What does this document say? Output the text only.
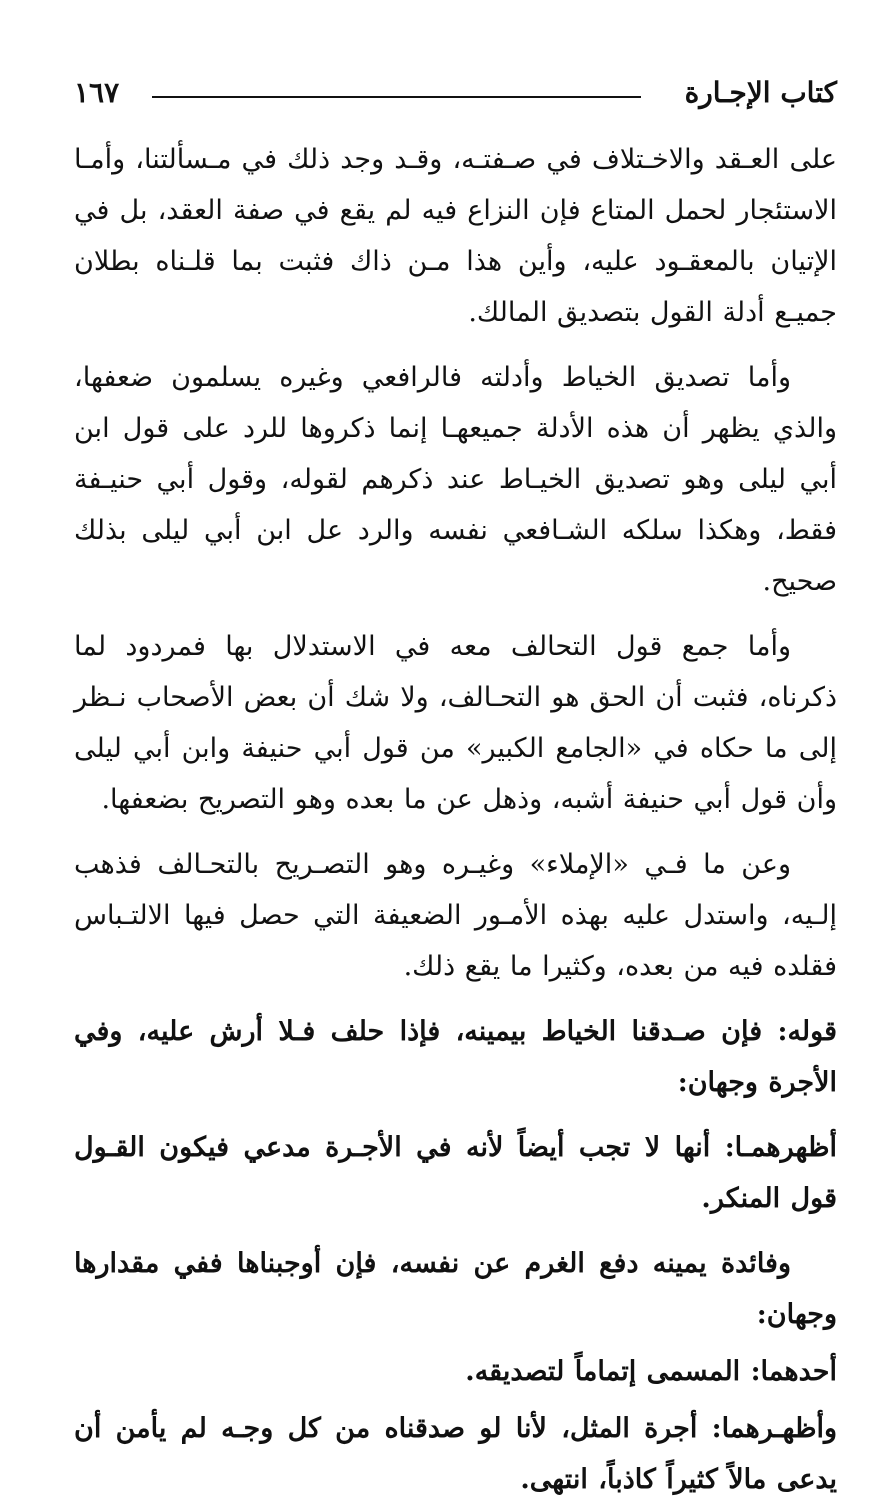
كتاب الإجـارة
١٦٧

على العـقد والاخـتلاف في صـفتـه، وقـد وجد ذلك في مـسألتنا، وأمـا الاستئجار لحمل المتاع فإن النزاع فيه لم يقع في صفة العقد، بل في الإتيان بالمعقـود عليه، وأين هذا مـن ذاك فثبت بما قلـناه بطلان جميـع أدلة القول بتصديق المالك.

وأما تصديق الخياط وأدلته فالرافعي وغيره يسلمون ضعفها، والذي يظهر أن هذه الأدلة جميعهـا إنما ذكروها للرد على قول ابن أبي ليلى وهو تصديق الخيـاط عند ذكرهم لقوله، وقول أبي حنيـفة فقط، وهكذا سلكه الشـافعي نفسه والرد عل ابن أبي ليلى بذلك صحيح.

وأما جمع قول التحالف معه في الاستدلال بها فمردود لما ذكرناه، فثبت أن الحق هو التحـالف، ولا شك أن بعض الأصحاب نـظر إلى ما حكاه في «الجامع الكبير» من قول أبي حنيفة وابن أبي ليلى وأن قول أبي حنيفة أشبه، وذهل عن ما بعده وهو التصريح بضعفها.

وعن ما فـي «الإملاء» وغيـره وهو التصـريح بالتحـالف فذهب إلـيه، واستدل عليه بهذه الأمـور الضعيفة التي حصل فيها الالتـباس فقلده فيه من بعده، وكثيرا ما يقع ذلك.

قوله: فإن صـدقنا الخياط بيمينه، فإذا حلف فـلا أرش عليه، وفي الأجرة وجهان:

أظهرهمـا: أنها لا تجب أيضاً لأنه في الأجـرة مدعي فيكون القـول قول المنكر.

وفائدة يمينه دفع الغرم عن نفسه، فإن أوجبناها ففي مقدارها وجهان:

أحدهما: المسمى إتماماً لتصديقه.

وأظهـرهما: أجرة المثل، لأنا لو صدقناه من كل وجـه لم يأمن أن يدعى مالاً كثيراً كاذباً، انتهى.
